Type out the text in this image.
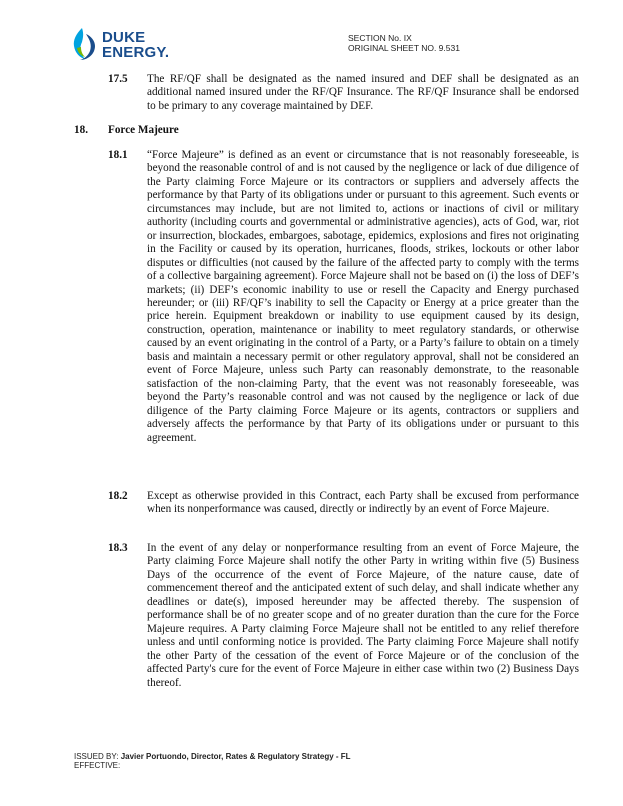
DUKE
ENERGY.
SECTION No. IX
ORIGINAL SHEET NO. 9.531
17.5 The RF/QF shall be designated as the named insured and DEF shall be designated as an additional named insured under the RF/QF Insurance. The RF/QF Insurance shall be endorsed to be primary to any coverage maintained by DEF.
18. Force Majeure
18.1 “Force Majeure” is defined as an event or circumstance that is not reasonably foreseeable, is beyond the reasonable control of and is not caused by the negligence or lack of due diligence of the Party claiming Force Majeure or its contractors or suppliers and adversely affects the performance by that Party of its obligations under or pursuant to this agreement. Such events or circumstances may include, but are not limited to, actions or inactions of civil or military authority (including courts and governmental or administrative agencies), acts of God, war, riot or insurrection, blockades, embargoes, sabotage, epidemics, explosions and fires not originating in the Facility or caused by its operation, hurricanes, floods, strikes, lockouts or other labor disputes or difficulties (not caused by the failure of the affected party to comply with the terms of a collective bargaining agreement). Force Majeure shall not be based on (i) the loss of DEF’s markets; (ii) DEF’s economic inability to use or resell the Capacity and Energy purchased hereunder; or (iii) RF/QF’s inability to sell the Capacity or Energy at a price greater than the price herein. Equipment breakdown or inability to use equipment caused by its design, construction, operation, maintenance or inability to meet regulatory standards, or otherwise caused by an event originating in the control of a Party, or a Party’s failure to obtain on a timely basis and maintain a necessary permit or other regulatory approval, shall not be considered an event of Force Majeure, unless such Party can reasonably demonstrate, to the reasonable satisfaction of the non-claiming Party, that the event was not reasonably foreseeable, was beyond the Party’s reasonable control and was not caused by the negligence or lack of due diligence of the Party claiming Force Majeure or its agents, contractors or suppliers and adversely affects the performance by that Party of its obligations under or pursuant to this agreement.
18.2 Except as otherwise provided in this Contract, each Party shall be excused from performance when its nonperformance was caused, directly or indirectly by an event of Force Majeure.
18.3 In the event of any delay or nonperformance resulting from an event of Force Majeure, the Party claiming Force Majeure shall notify the other Party in writing within five (5) Business Days of the occurrence of the event of Force Majeure, of the nature cause, date of commencement thereof and the anticipated extent of such delay, and shall indicate whether any deadlines or date(s), imposed hereunder may be affected thereby. The suspension of performance shall be of no greater scope and of no greater duration than the cure for the Force Majeure requires. A Party claiming Force Majeure shall not be entitled to any relief therefore unless and until conforming notice is provided. The Party claiming Force Majeure shall notify the other Party of the cessation of the event of Force Majeure or of the conclusion of the affected Party's cure for the event of Force Majeure in either case within two (2) Business Days thereof.
ISSUED BY: Javier Portuondo, Director, Rates & Regulatory Strategy - FL
EFFECTIVE:
